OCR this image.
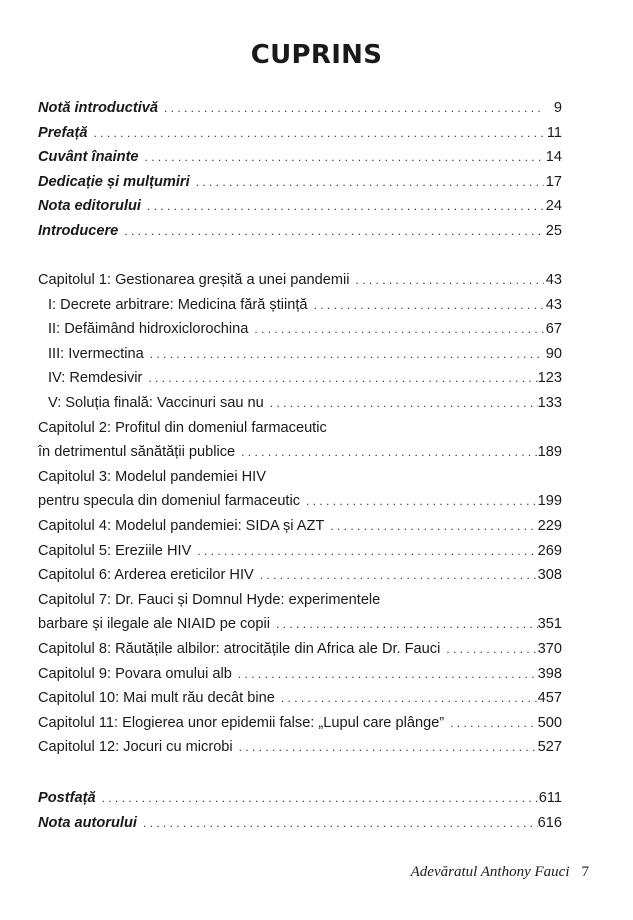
CUPRINS
Notă introductivă . . .	9
Prefață . . .	11
Cuvânt înainte . . .	14
Dedicație și mulțumiri . . .	17
Nota editorului . . .	24
Introducere . . .	25
Capitolul 1: Gestionarea greșită a unei pandemii . . .	43
I: Decrete arbitrare: Medicina fără știință . . .	43
II: Defăimând hidroxiclorochina . . .	67
III: Ivermectina . . .	90
IV: Remdesivir . . .	123
V: Soluția finală: Vaccinuri sau nu . . .	133
Capitolul 2: Profitul din domeniul farmaceutic
în detrimentul sănătății publice . . .	189
Capitolul 3: Modelul pandemiei HIV
pentru specula din domeniul farmaceutic . . .	199
Capitolul 4: Modelul pandemiei: SIDA și AZT . . .	229
Capitolul 5: Ereziile HIV . . .	269
Capitolul 6: Arderea ereticilor HIV . . .	308
Capitolul 7: Dr. Fauci și Domnul Hyde: experimentele
barbare și ilegale ale NIAID pe copii . . .	351
Capitolul 8: Răutățile albilor: atrocitățile din Africa ale Dr. Fauci . . .	370
Capitolul 9: Povara omului alb . . .	398
Capitolul 10: Mai mult rău decât bine . . .	457
Capitolul 11: Elogierea unor epidemii false: „Lupul care plânge” . . .	500
Capitolul 12: Jocuri cu microbi . . .	527
Postfață . . .	611
Nota autorului . . .	616
Adevăratul Anthony Fauci 7
